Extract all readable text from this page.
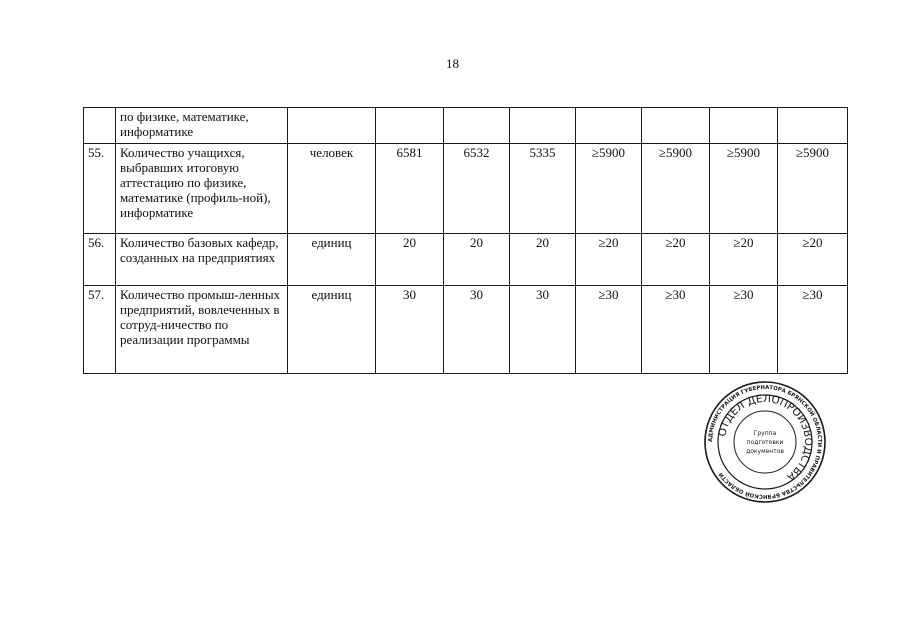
18
	по физике, математике, информатике								
55.	Количество учащихся, выбравших итоговую аттестацию по физике, математике (профиль-ной), информатике	человек	6581	6532	5335	≥5900	≥5900	≥5900	≥5900
56.	Количество базовых кафедр, созданных на предприятиях	единиц	20	20	20	≥20	≥20	≥20	≥20
57.	Количество промыш-ленных предприятий, вовлеченных в сотруд-ничество по реализации программы	единиц	30	30	30	≥30	≥30	≥30	≥30
АДМИНИСТРАЦИЯ ГУБЕРНАТОРА БРЯНСКОЙ ОБЛАСТИ И ПРАВИТЕЛЬСТВА БРЯНСКОЙ ОБЛАСТИ
ОТДЕЛ ДЕЛОПРОИЗВОДСТВА
Группа
подготовки
документов
